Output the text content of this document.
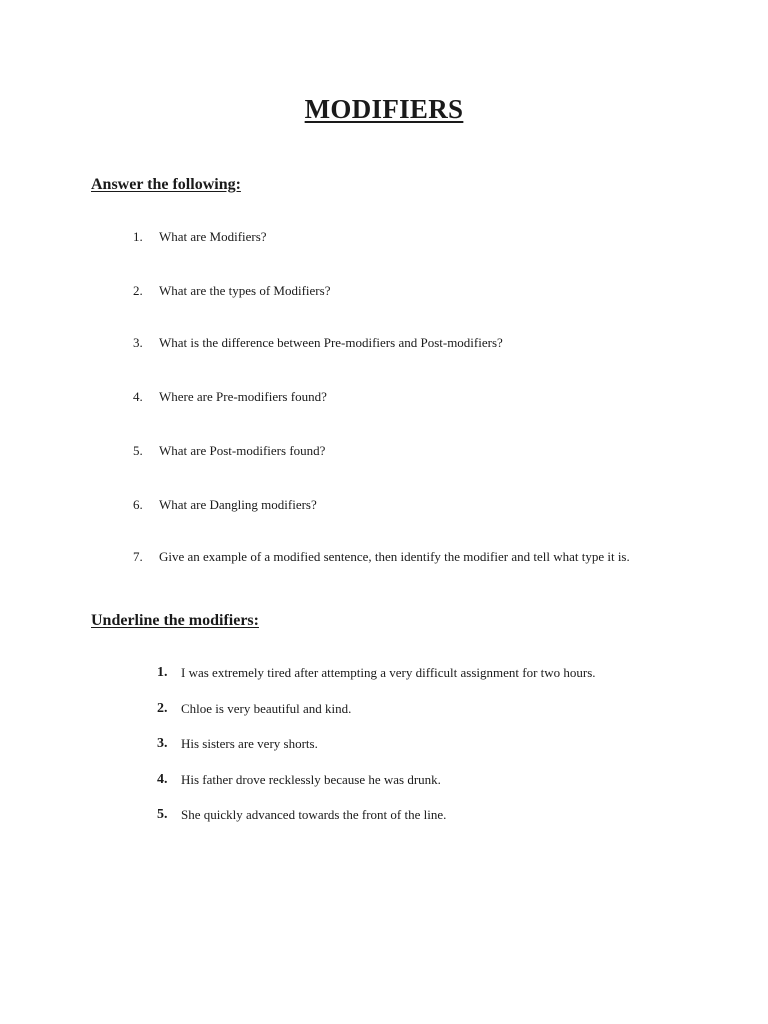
MODIFIERS
Answer the following:
1.	What are Modifiers?
2.	What are the types of Modifiers?
3.	What is the difference between Pre-modifiers and Post-modifiers?
4.	Where are Pre-modifiers found?
5.	What are Post-modifiers found?
6.	What are Dangling modifiers?
7.	Give an example of a modified sentence, then identify the modifier and tell what type it is.
Underline the modifiers:
1. I was extremely tired after attempting a very difficult assignment for two hours.
2. Chloe is very beautiful and kind.
3. His sisters are very shorts.
4. His father drove recklessly because he was drunk.
5. She quickly advanced towards the front of the line.
